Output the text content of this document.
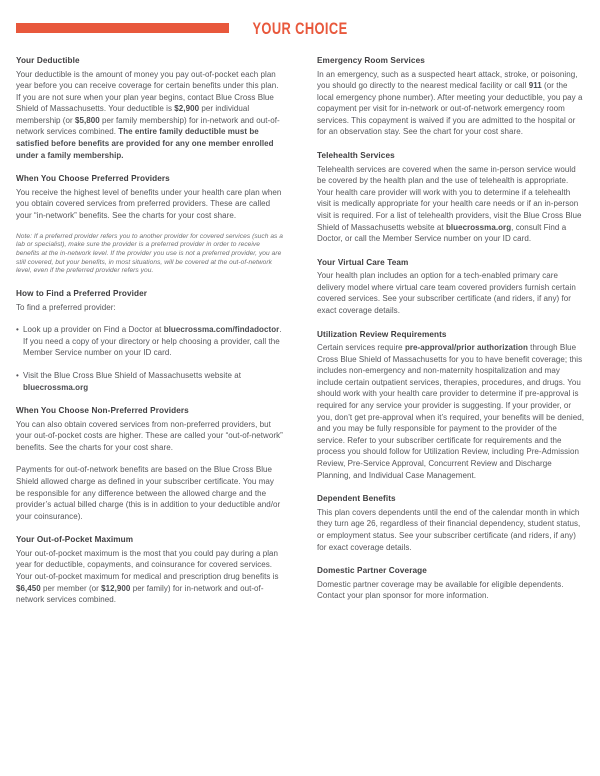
YOUR CHOICE
Your Deductible

Your deductible is the amount of money you pay out-of-pocket each plan year before you can receive coverage for certain benefits under this plan. If you are not sure when your plan year begins, contact Blue Cross Blue Shield of Massachusetts. Your deductible is $2,900 per individual membership (or $5,800 per family membership) for in-network and out-of-network services combined. The entire family deductible must be satisfied before benefits are provided for any one member enrolled under a family membership.

When You Choose Preferred Providers

You receive the highest level of benefits under your health care plan when you obtain covered services from preferred providers. These are called your “in-network” benefits. See the charts for your cost share.

Note: If a preferred provider refers you to another provider for covered services (such as a lab or specialist), make sure the provider is a preferred provider in order to receive benefits at the in-network level. If the provider you use is not a preferred provider, you are still covered, but your benefits, in most situations, will be covered at the out-of-network level, even if the preferred provider refers you.

How to Find a Preferred Provider

To find a preferred provider:

• Look up a provider on Find a Doctor at bluecrossma.com/findadoctor. If you need a copy of your directory or help choosing a provider, call the Member Service number on your ID card.
• Visit the Blue Cross Blue Shield of Massachusetts website at bluecrossma.org
When You Choose Non-Preferred Providers

You can also obtain covered services from non-preferred providers, but your out-of-pocket costs are higher. These are called your “out-of-network” benefits. See the charts for your cost share.

Payments for out-of-network benefits are based on the Blue Cross Blue Shield allowed charge as defined in your subscriber certificate. You may be responsible for any difference between the allowed charge and the provider’s actual billed charge (this is in addition to your deductible and/or your coinsurance).

Your Out-of-Pocket Maximum

Your out-of-pocket maximum is the most that you could pay during a plan year for deductible, copayments, and coinsurance for covered services. Your out-of-pocket maximum for medical and prescription drug benefits is $6,450 per member (or $12,900 per family) for in-network and out-of-network services combined.

Emergency Room Services

In an emergency, such as a suspected heart attack, stroke, or poisoning, you should go directly to the nearest medical facility or call 911 (or the local emergency phone number). After meeting your deductible, you pay a copayment per visit for in-network or out-of-network emergency room services. This copayment is waived if you are admitted to the hospital or for an observation stay. See the chart for your cost share.

Telehealth Services

Telehealth services are covered when the same in-person service would be covered by the health plan and the use of telehealth is appropriate. Your health care provider will work with you to determine if a telehealth visit is medically appropriate for your health care needs or if an in-person visit is required. For a list of telehealth providers, visit the Blue Cross Blue Shield of Massachusetts website at bluecrossma.org, consult Find a Doctor, or call the Member Service number on your ID card.

Your Virtual Care Team

Your health plan includes an option for a tech-enabled primary care delivery model where virtual care team covered providers furnish certain covered services. See your subscriber certificate (and riders, if any) for exact coverage details.

Utilization Review Requirements

Certain services require pre-approval/prior authorization through Blue Cross Blue Shield of Massachusetts for you to have benefit coverage; this includes non-emergency and non-maternity hospitalization and may include certain outpatient services, therapies, procedures, and drugs. You should work with your health care provider to determine if pre-approval is required for any service your provider is suggesting. If your provider, or you, don’t get pre-approval when it’s required, your benefits will be denied, and you may be fully responsible for payment to the provider of the service. Refer to your subscriber certificate for requirements and the process you should follow for Utilization Review, including Pre-Admission Review, Pre-Service Approval, Concurrent Review and Discharge Planning, and Individual Case Management.

Dependent Benefits

This plan covers dependents until the end of the calendar month in which they turn age 26, regardless of their financial dependency, student status, or employment status. See your subscriber certificate (and riders, if any) for exact coverage details.

Domestic Partner Coverage

Domestic partner coverage may be available for eligible dependents. Contact your plan sponsor for more information.
